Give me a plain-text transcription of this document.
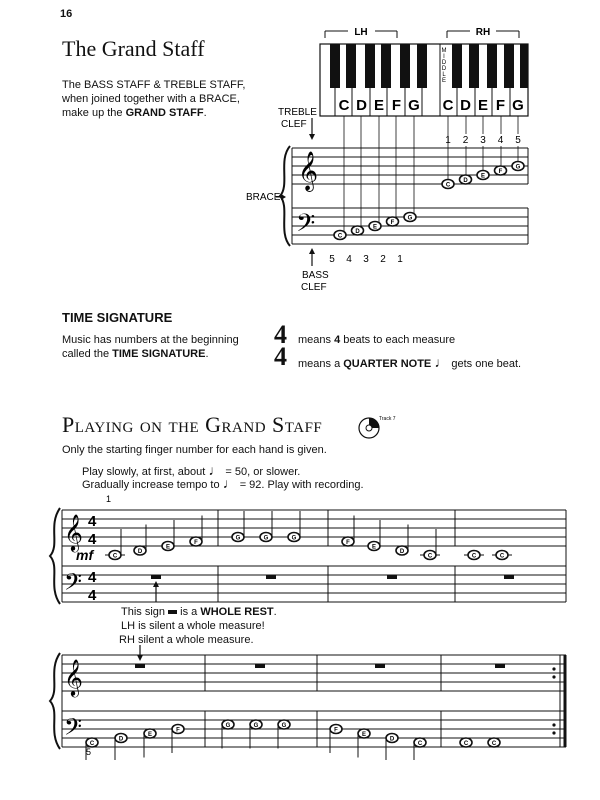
16
The Grand Staff
The BASS STAFF & TREBLE STAFF,
when joined together with a BRACE,
make up the GRAND STAFF.
LH	RH
M I D D L E
C D E F G C D E F G
1 2 3 4 5
TREBLE
CLEF
𝄞
BRACE
𝄢
C
D
E
F
G
C
D
E
F
G
5 4 3 2 1
BASS
CLEF
TIME SIGNATURE
Music has numbers at the beginning
called the TIME SIGNATURE.
4
4
means 4 beats to each measure
means a QUARTER NOTE ♩ gets one beat.
Playing on the Grand Staff	Track 7
Only the starting finger number for each hand is given.
Play slowly, at first, about ♩ = 50, or slower.
Gradually increase tempo to ♩ = 92. Play with recording.
1
𝄞
𝄢
4
4
4
4
mf	C
D
E
F
G	G	G
F
E
D
C	C	C
This sign  is a WHOLE REST.
LH is silent a whole measure!
RH silent a whole measure.
𝄞
𝄢 C
D
E
F
G	G	G
F
E
D
C	C	C
5
